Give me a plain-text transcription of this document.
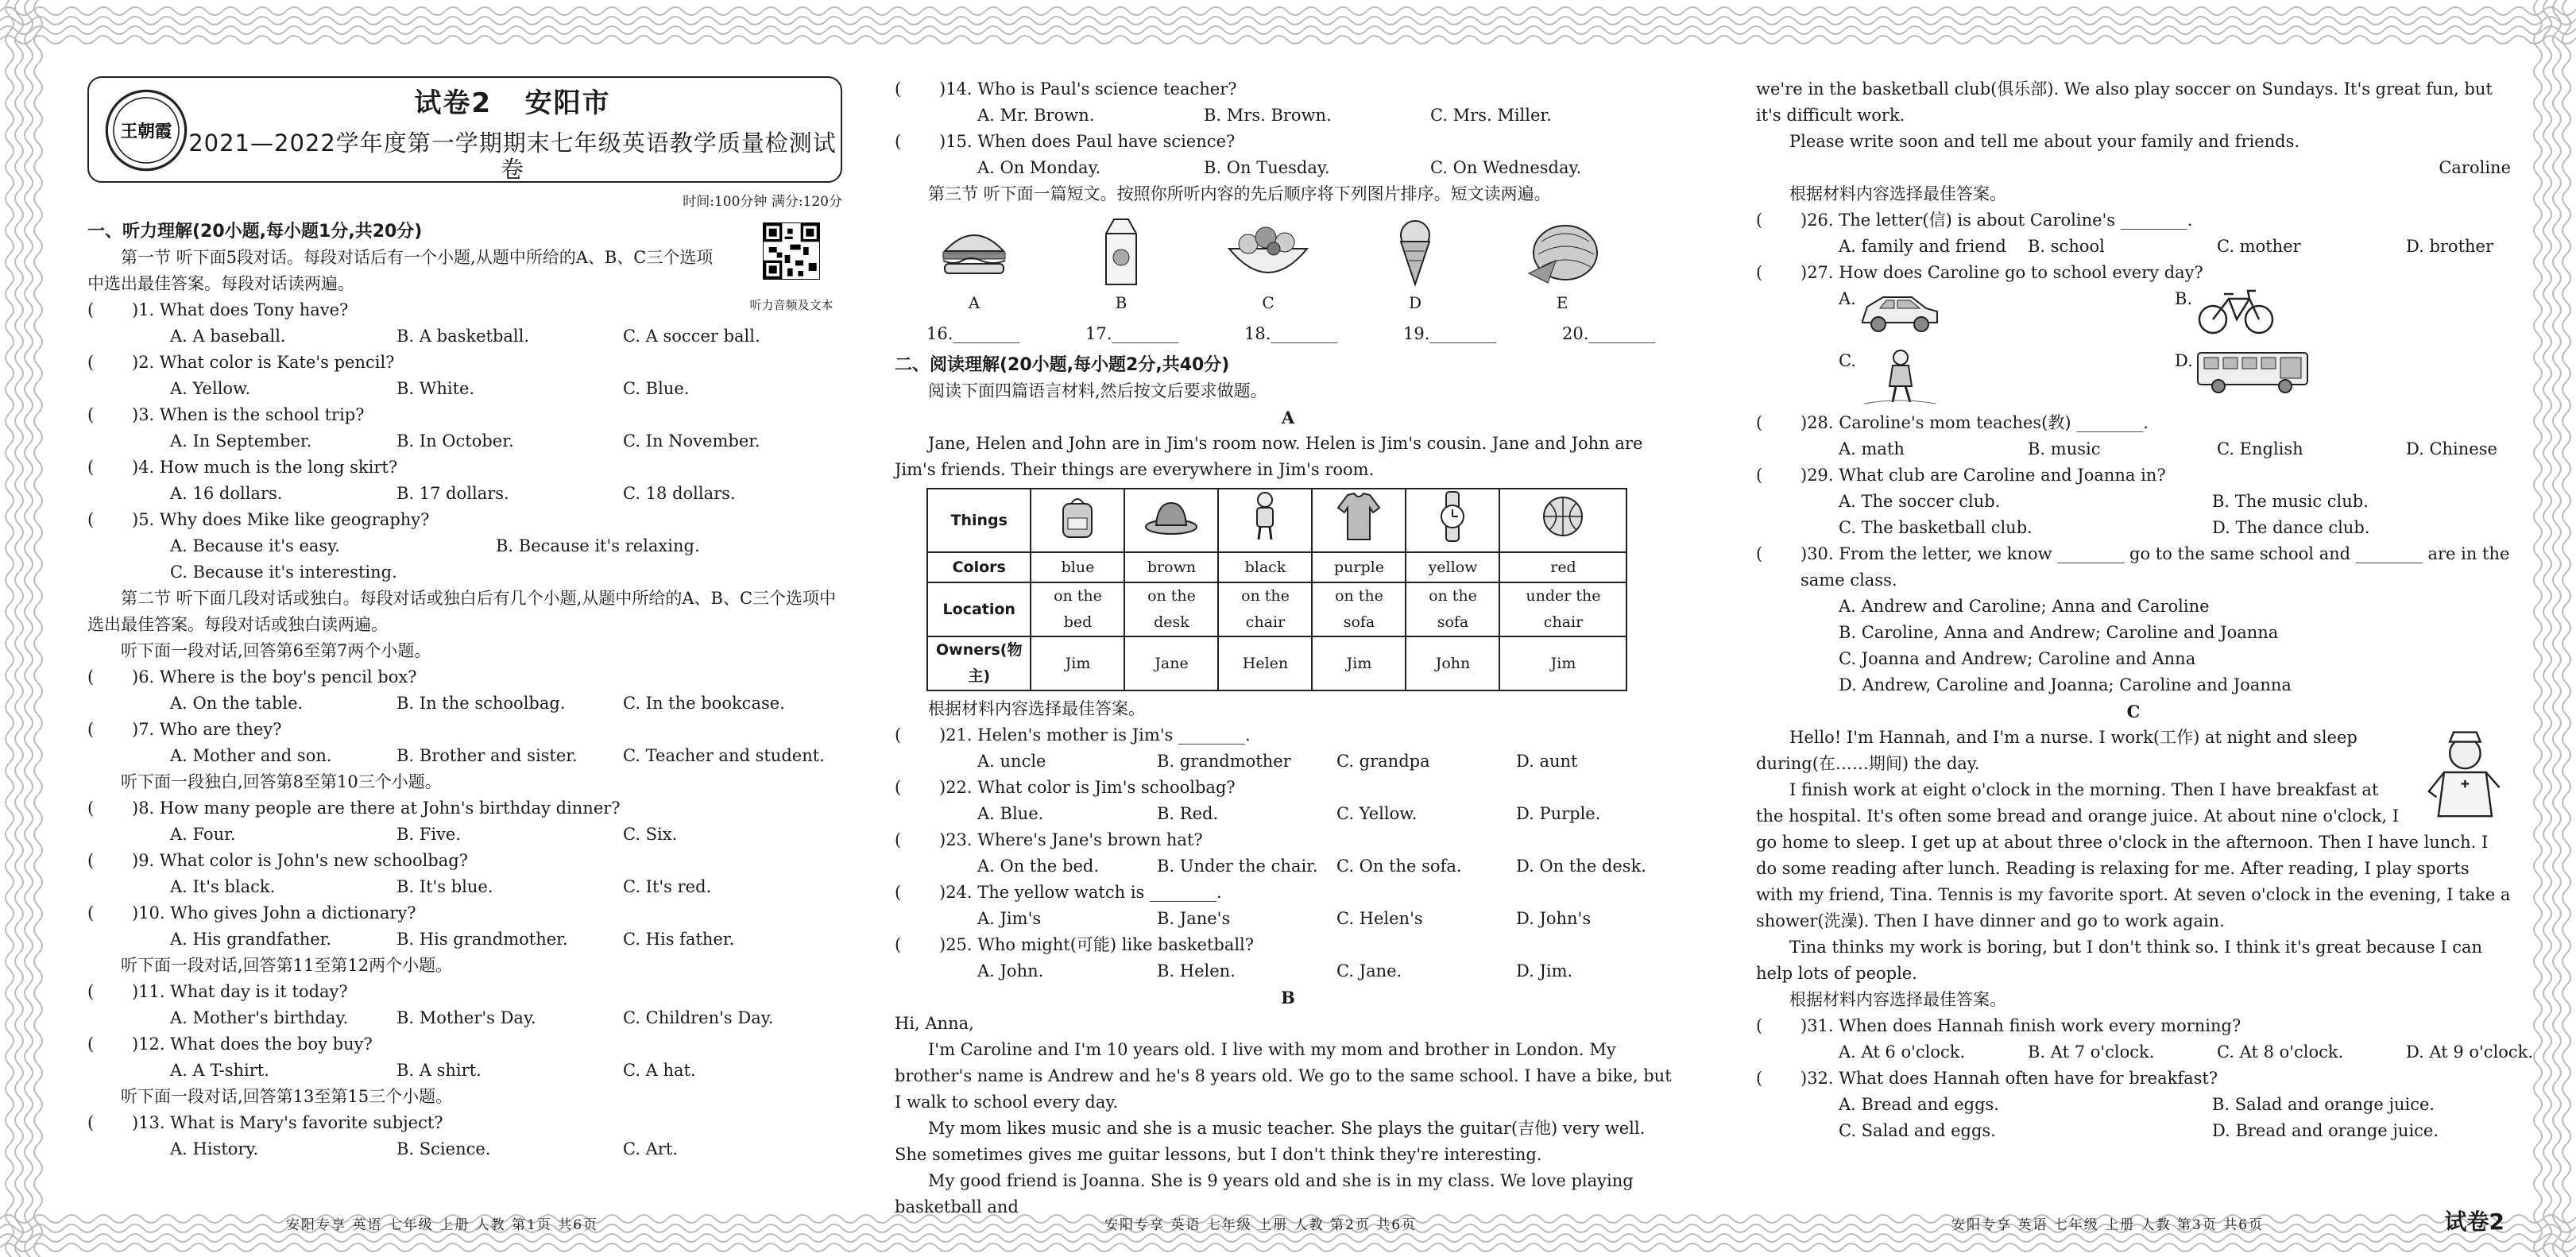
王朝霞
试卷2 安阳市
2021—2022学年度第一学期期末七年级英语教学质量检测试卷
时间:100分钟 满分:120分
听力音频及文本
一、听力理解(20小题,每小题1分,共20分)
第一节 听下面5段对话。每段对话后有一个小题,从题中所给的A、B、C三个选项中选出最佳答案。每段对话读两遍。
(	)1. What does Tony have?
A. A baseball.	B. A basketball.	C. A soccer ball.
(	)2. What color is Kate's pencil?
A. Yellow.	B. White.	C. Blue.
(	)3. When is the school trip?
A. In September.	B. In October.	C. In November.
(	)4. How much is the long skirt?
A. 16 dollars.	B. 17 dollars.	C. 18 dollars.
(	)5. Why does Mike like geography?
A. Because it's easy.	B. Because it's relaxing.
C. Because it's interesting.
第二节 听下面几段对话或独白。每段对话或独白后有几个小题,从题中所给的A、B、C三个选项中选出最佳答案。每段对话或独白读两遍。
听下面一段对话,回答第6至第7两个小题。
(	)6. Where is the boy's pencil box?
A. On the table.	B. In the schoolbag.	C. In the bookcase.
(	)7. Who are they?
A. Mother and son.	B. Brother and sister.	C. Teacher and student.
听下面一段独白,回答第8至第10三个小题。
(	)8. How many people are there at John's birthday dinner?
A. Four.	B. Five.	C. Six.
(	)9. What color is John's new schoolbag?
A. It's black.	B. It's blue.	C. It's red.
(	)10. Who gives John a dictionary?
A. His grandfather.	B. His grandmother.	C. His father.
听下面一段对话,回答第11至第12两个小题。
(	)11. What day is it today?
A. Mother's birthday.	B. Mother's Day.	C. Children's Day.
(	)12. What does the boy buy?
A. A T-shirt.	B. A shirt.	C. A hat.
听下面一段对话,回答第13至第15三个小题。
(	)13. What is Mary's favorite subject?
A. History.	B. Science.	C. Art.
(	)14. Who is Paul's science teacher?
A. Mr. Brown.	B. Mrs. Brown.	C. Mrs. Miller.
(	)15. When does Paul have science?
A. On Monday.	B. On Tuesday.	C. On Wednesday.
第三节 听下面一篇短文。按照你所听内容的先后顺序将下列图片排序。短文读两遍。
A	B	C	D	E
16.________	17.________	18.________	19.________	20.________
二、阅读理解(20小题,每小题2分,共40分)
阅读下面四篇语言材料,然后按文后要求做题。
A
Jane, Helen and John are in Jim's room now. Helen is Jim's cousin. Jane and John are Jim's friends. Their things are everywhere in Jim's room.
Things						
Colors	blue	brown	black	purple	yellow	red
Location	on the bed	on the desk	on the chair	on the sofa	on the sofa	under the chair
Owners(物主)	Jim	Jane	Helen	Jim	John	Jim
根据材料内容选择最佳答案。
(	)21. Helen's mother is Jim's ________.
A. uncle	B. grandmother	C. grandpa	D. aunt
(	)22. What color is Jim's schoolbag?
A. Blue.	B. Red.	C. Yellow.	D. Purple.
(	)23. Where's Jane's brown hat?
A. On the bed.	B. Under the chair.	C. On the sofa.	D. On the desk.
(	)24. The yellow watch is ________.
A. Jim's	B. Jane's	C. Helen's	D. John's
(	)25. Who might(可能) like basketball?
A. John.	B. Helen.	C. Jane.	D. Jim.
B
Hi, Anna,
I'm Caroline and I'm 10 years old. I live with my mom and brother in London. My brother's name is Andrew and he's 8 years old. We go to the same school. I have a bike, but I walk to school every day.
My mom likes music and she is a music teacher. She plays the guitar(吉他) very well. She sometimes gives me guitar lessons, but I don't think they're interesting.
My good friend is Joanna. She is 9 years old and she is in my class. We love playing basketball and
we're in the basketball club(俱乐部). We also play soccer on Sundays. It's great fun, but it's difficult work.
Please write soon and tell me about your family and friends.
Caroline
根据材料内容选择最佳答案。
(	)26. The letter(信) is about Caroline's ________.
A. family and friend	B. school	C. mother	D. brother
(	)27. How does Caroline go to school every day?
A.	B.
C.	D.
(	)28. Caroline's mom teaches(教) ________.
A. math	B. music	C. English	D. Chinese
(	)29. What club are Caroline and Joanna in?
A. The soccer club.	B. The music club.
C. The basketball club.	D. The dance club.
(	)30. From the letter, we know ________ go to the same school and ________ are in the same class.
A. Andrew and Caroline; Anna and Caroline
B. Caroline, Anna and Andrew; Caroline and Joanna
C. Joanna and Andrew; Caroline and Anna
D. Andrew, Caroline and Joanna; Caroline and Joanna
C
Hello! I'm Hannah, and I'm a nurse. I work(工作) at night and sleep during(在……期间) the day.
I finish work at eight o'clock in the morning. Then I have breakfast at the hospital. It's often some bread and orange juice. At about nine o'clock, I go home to sleep. I get up at about three o'clock in the afternoon. Then I have lunch. I do some reading after lunch. Reading is relaxing for me. After reading, I play sports with my friend, Tina. Tennis is my favorite sport. At seven o'clock in the evening, I take a shower(洗澡). Then I have dinner and go to work again.
Tina thinks my work is boring, but I don't think so. I think it's great because I can help lots of people.
根据材料内容选择最佳答案。
(	)31. When does Hannah finish work every morning?
A. At 6 o'clock.	B. At 7 o'clock.	C. At 8 o'clock.	D. At 9 o'clock.
(	)32. What does Hannah often have for breakfast?
A. Bread and eggs.	B. Salad and orange juice.
C. Salad and eggs.	D. Bread and orange juice.
安阳专享 英语 七年级 上册 人教 第1页 共6页	安阳专享 英语 七年级 上册 人教 第2页 共6页	安阳专享 英语 七年级 上册 人教 第3页 共6页	试卷2
